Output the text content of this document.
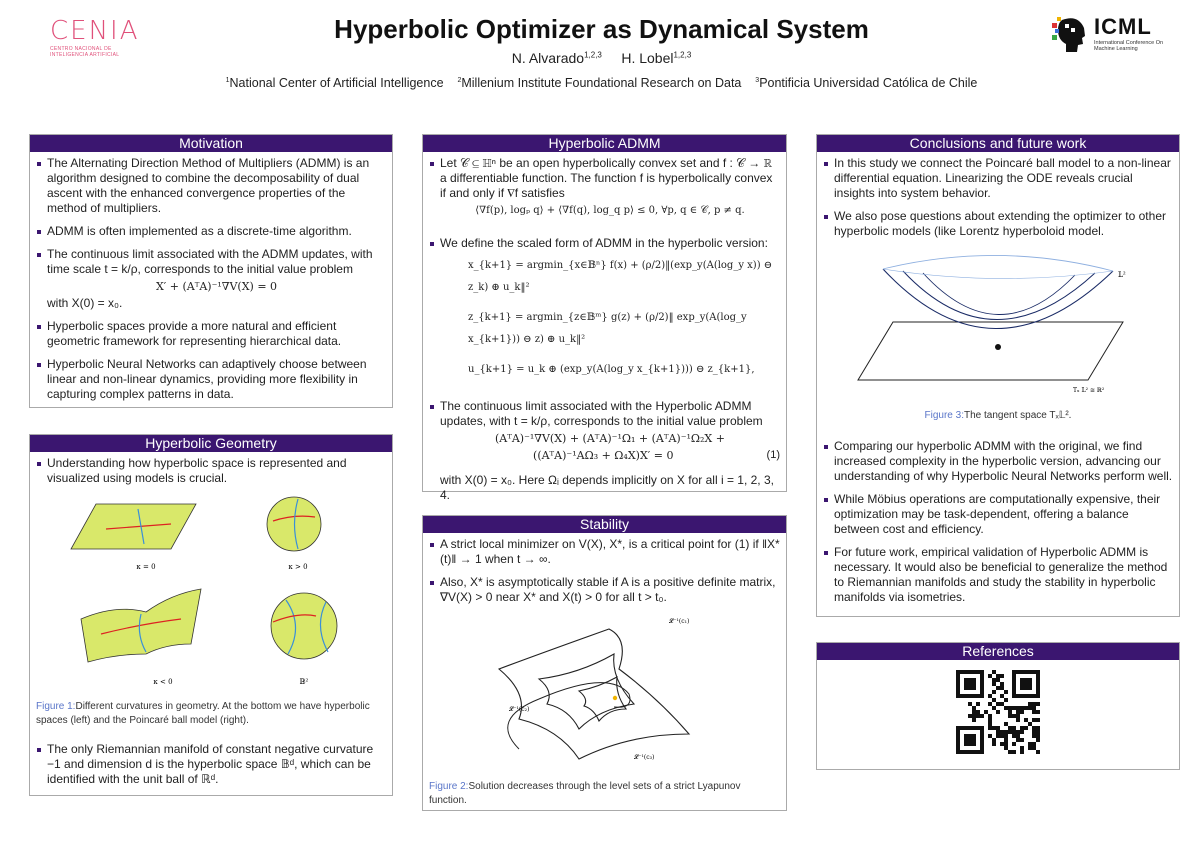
CENIA
CENTRO NACIONAL DE INTELIGENCIA ARTIFICIAL
Hyperbolic Optimizer as Dynamical System
N. Alvarado$^{1,2,3}$ H. Lobel$^{1,2,3}$
$^1$National Center of Artificial Intelligence $^2$Millenium Institute Foundational Research on Data $^3$Pontificia Universidad Católica de Chile
ICML
International Conference On Machine Learning
Motivation
The Alternating Direction Method of Multipliers (ADMM) is an algorithm designed to combine the decomposability of dual ascent with the enhanced convergence properties of the method of multipliers.
ADMM is often implemented as a discrete-time algorithm.
The continuous limit associated with the ADMM updates, with time scale t = k/ρ, corresponds to the initial value problem
X′ + (AᵀA)⁻¹∇V(X) = 0
with X(0) = x₀.
Hyperbolic spaces provide a more natural and efficient geometric framework for representing hierarchical data.
Hyperbolic Neural Networks can adaptively choose between linear and non-linear dynamics, providing more flexibility in capturing complex patterns in data.
Hyperbolic Geometry
Understanding how hyperbolic space is represented and visualized using models is crucial.
κ = 0	κ > 0
κ < 0	𝔹²
Figure 1:Different curvatures in geometry. At the bottom we have hyperbolic spaces (left) and the Poincaré ball model (right).
The only Riemannian manifold of constant negative curvature −1 and dimension d is the hyperbolic space 𝔹ᵈ, which can be identified with the unit ball of ℝᵈ.
Hyperbolic ADMM
Let 𝒞 ⊆ ℍⁿ be an open hyperbolically convex set and f : 𝒞 → ℝ a differentiable function. The function f is hyperbolically convex if and only if ∇f satisfies
⟨∇f(p), logₚ q⟩ + ⟨∇f(q), log_q p⟩ ≤ 0, ∀p, q ∈ 𝒞, p ≠ q.
We define the scaled form of ADMM in the hyperbolic version:
x_{k+1} = argmin_{x∈𝔹ⁿ} f(x) + (ρ/2)‖(exp_y(A(log_y x)) ⊖ z_k) ⊕ u_k‖²
z_{k+1} = argmin_{z∈𝔹ᵐ} g(z) + (ρ/2)‖ exp_y(A(log_y x_{k+1})) ⊖ z) ⊕ u_k‖²
u_{k+1} = u_k ⊕ (exp_y(A(log_y x_{k+1}))) ⊖ z_{k+1},
The continuous limit associated with the Hyperbolic ADMM updates, with t = k/ρ, corresponds to the initial value problem
(AᵀA)⁻¹∇V(X) + (AᵀA)⁻¹Ω₁ + (AᵀA)⁻¹Ω₂X +
((AᵀA)⁻¹AΩ₃ + Ω₄X)X′ = 0	(1)
with X(0) = x₀. Here Ωᵢ depends implicitly on X for all i = 1, 2, 3, 4.
Stability
A strict local minimizer on V(X), X*, is a critical point for (1) if ‖X*(t)‖ → 1 when t → ∞.
Also, X* is asymptotically stable if A is a positive definite matrix, ∇V(X) > 0 near X* and X(t) > 0 for all t > t₀.
𝓛⁻¹(c₁)
𝓛⁻¹(c₂)
𝓛⁻¹(c₃)
Figure 2:Solution decreases through the level sets of a strict Lyapunov function.
Conclusions and future work
In this study we connect the Poincaré ball model to a non-linear differential equation. Linearizing the ODE reveals crucial insights into system behavior.
We also pose questions about extending the optimizer to other hyperbolic models (like Lorentz hyperboloid model.
𝕃²
Tₓ 𝕃² ≅ ℝ²
Figure 3:The tangent space Tₓ𝕃².
Comparing our hyperbolic ADMM with the original, we find increased complexity in the hyperbolic version, advancing our understanding of why Hyperbolic Neural Networks perform well.
While Möbius operations are computationally expensive, their optimization may be task-dependent, offering a balance between cost and efficiency.
For future work, empirical validation of Hyperbolic ADMM is necessary. It would also be beneficial to generalize the method to Riemannian manifolds and study the stability in hyperbolic manifolds via isometries.
References
